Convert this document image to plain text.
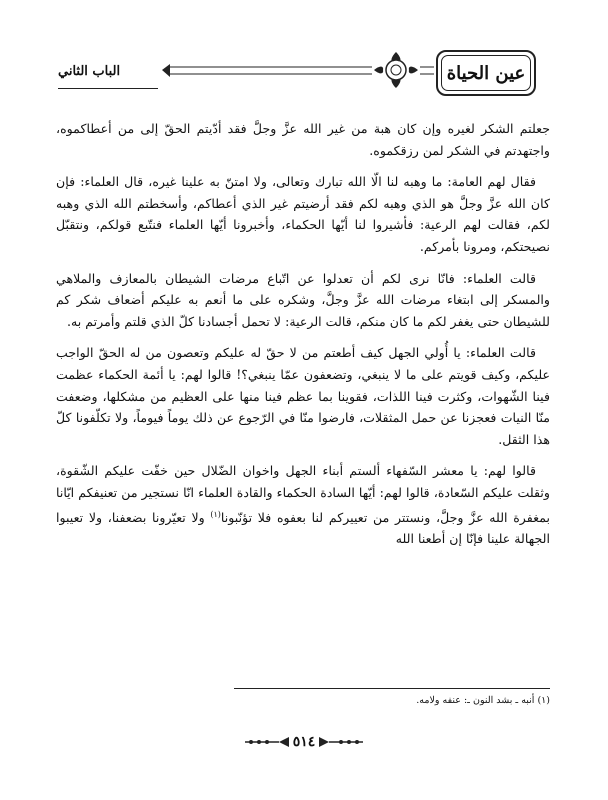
الباب الثاني	عين الحياة

جعلتم الشكر لغيره وإن كان هبة من غير الله عزَّ وجلَّ فقد أدّيتم الحقّ إلى من أعطاكموه، واجتهدتم في الشكر لمن رزقكموه.

فقال لهم العامة: ما وهبه لنا الّا الله تبارك وتعالى، ولا امتنّ به علينا غيره، قال العلماء: فإن كان الله عزَّ وجلَّ هو الذي وهبه لكم فقد أرضيتم غير الذي أعطاكم، وأسخطتم الله الذي وهبه لكم، فقالت لهم الرعية: فأشيروا لنا أيّها الحكماء، وأخبرونا أيّها العلماء فنتّبع قولكم، ونتقبّل نصيحتكم، ومرونا بأمركم.

قالت العلماء: فانّا نرى لكم أن تعدلوا عن اتّباع مرضات الشيطان بالمعازف والملاهي والمسكر إلى ابتغاء مرضات الله عزَّ وجلَّ، وشكره على ما أنعم به عليكم أضعاف شكر كم للشيطان حتى يغفر لكم ما كان منكم، قالت الرعية: لا تحمل أجسادنا كلّ الذي قلتم وأمرتم به.

قالت العلماء: يا أُولي الجهل كيف أطعتم من لا حقّ له عليكم وتعصون من له الحقّ الواجب عليكم، وكيف قويتم على ما لا ينبغي، وتضعفون عمّا ينبغي؟! قالوا لهم: يا أئمة الحكماء عظمت فينا الشّهوات، وكثرت فينا اللذات، فقوينا بما عظم فينا منها على العظيم من مشكلها، وضعفت منّا النيات فعجزنا عن حمل المثقلات، فارضوا منّا في الرّجوع عن ذلك يوماً فيوماً، ولا تكلّفونا كلّ هذا الثقل.

قالوا لهم: يا معشر السّفهاء ألستم أبناء الجهل واخوان الضّلال حين خفّت عليكم الشّقوة، وثقلت عليكم السّعادة، قالوا لهم: أيّها السادة الحكماء والقادة العلماء انّا نستجير من تعنيفكم ايّانا بمغفرة الله عزَّ وجلَّ، ونستتر من تعييركم لنا بعفوه فلا تؤنّبونا$^{(١)}$ ولا تعيّرونا بضعفنا، ولا تعيبوا الجهالة علينا فإنّا إن أطعنا الله

(١) أنبه ـ بشد النون ـ: عنفه ولامه.
٥١٤
